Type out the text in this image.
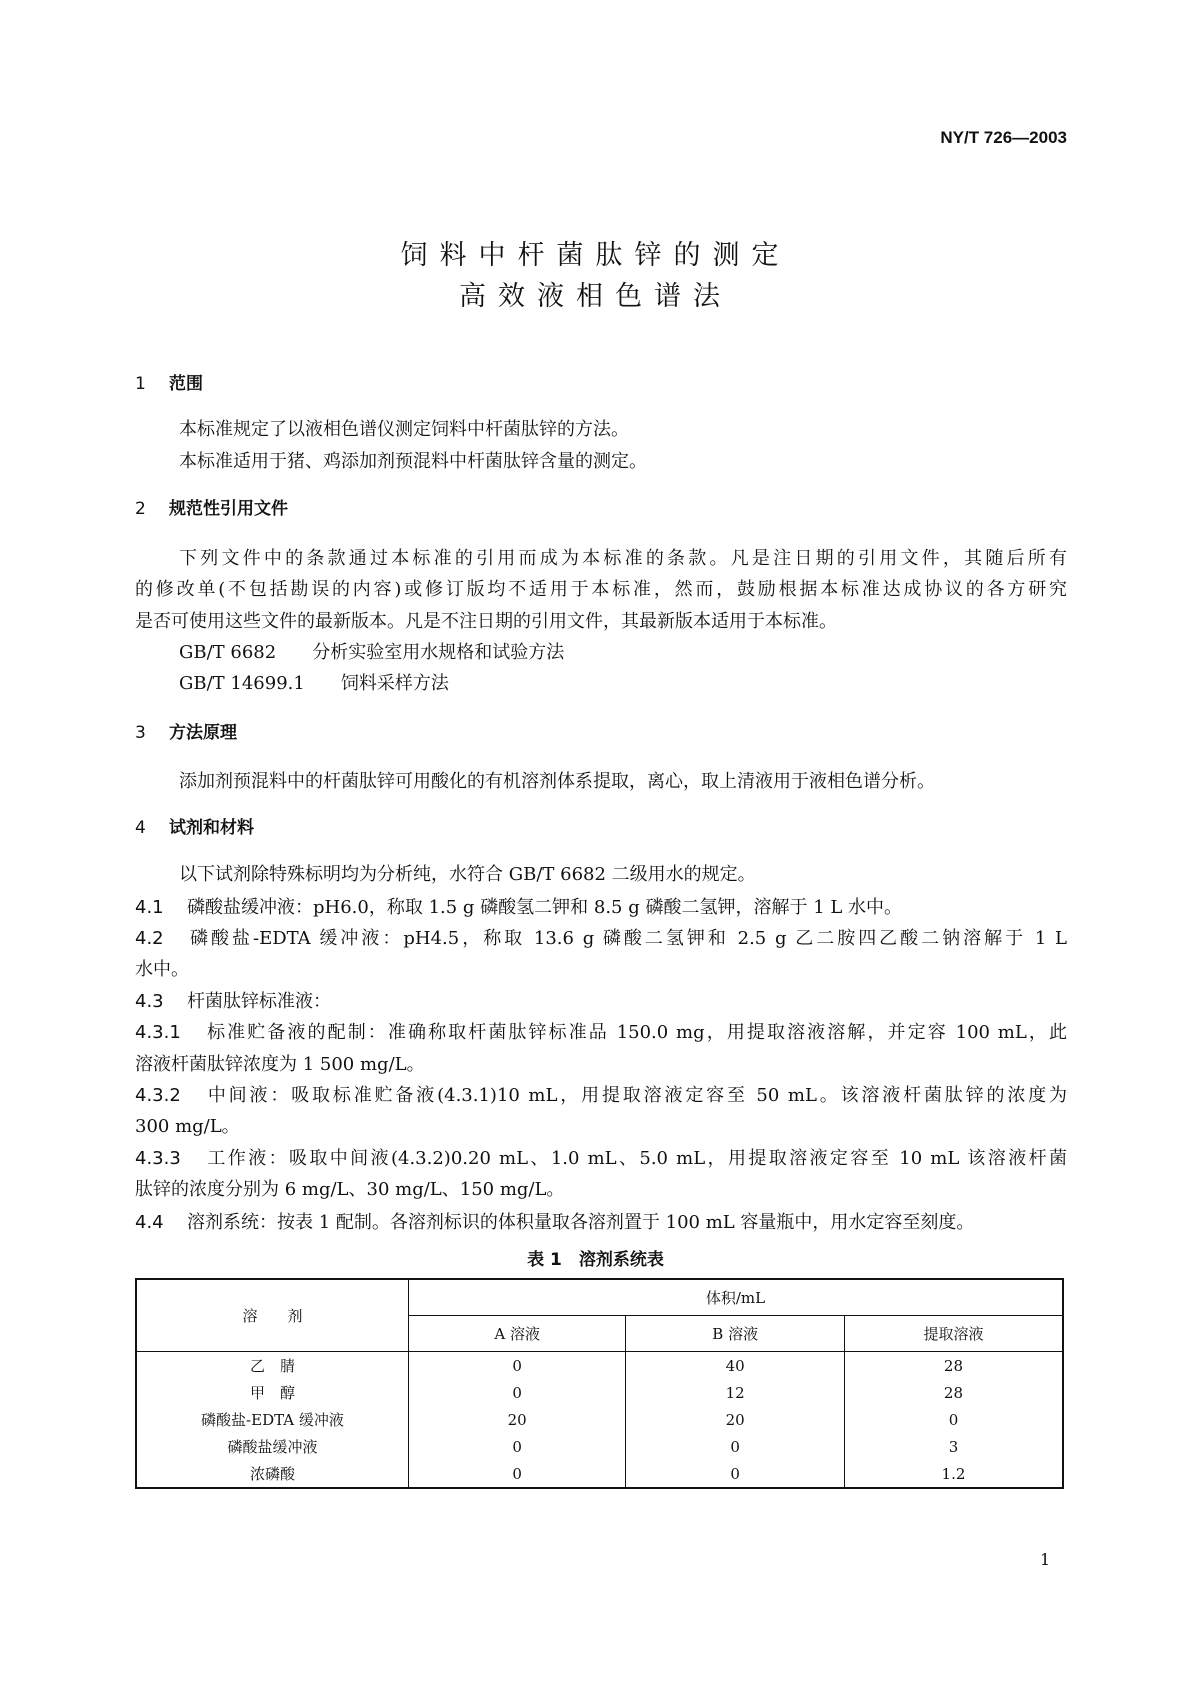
NY/T 726—2003
饲料中杆菌肽锌的测定
高效液相色谱法
1 范围
本标准规定了以液相色谱仪测定饲料中杆菌肽锌的方法。
本标准适用于猪、鸡添加剂预混料中杆菌肽锌含量的测定。
2 规范性引用文件
下列文件中的条款通过本标准的引用而成为本标准的条款。凡是注日期的引用文件，其随后所有
的修改单(不包括勘误的内容)或修订版均不适用于本标准，然而，鼓励根据本标准达成协议的各方研究
是否可使用这些文件的最新版本。凡是不注日期的引用文件，其最新版本适用于本标准。
GB/T 6682　　 分析实验室用水规格和试验方法
GB/T 14699.1　　 饲料采样方法
3 方法原理
添加剂预混料中的杆菌肽锌可用酸化的有机溶剂体系提取，离心，取上清液用于液相色谱分析。
4 试剂和材料
以下试剂除特殊标明均为分析纯，水符合 GB/T 6682 二级用水的规定。
4.1 磷酸盐缓冲液：pH6.0，称取 1.5 g 磷酸氢二钾和 8.5 g 磷酸二氢钾，溶解于 1 L 水中。
4.2 磷酸盐-EDTA 缓冲液：pH4.5，称取 13.6 g 磷酸二氢钾和 2.5 g 乙二胺四乙酸二钠溶解于 1 L
水中。
4.3 杆菌肽锌标准液：
4.3.1 标准贮备液的配制：准确称取杆菌肽锌标准品 150.0 mg，用提取溶液溶解，并定容 100 mL，此
溶液杆菌肽锌浓度为 1 500 mg/L。
4.3.2 中间液：吸取标准贮备液(4.3.1)10 mL，用提取溶液定容至 50 mL。该溶液杆菌肽锌的浓度为
300 mg/L。
4.3.3 工作液：吸取中间液(4.3.2)0.20 mL、1.0 mL、5.0 mL，用提取溶液定容至 10 mL 该溶液杆菌
肽锌的浓度分别为 6 mg/L、30 mg/L、150 mg/L。
4.4 溶剂系统：按表 1 配制。各溶剂标识的体积量取各溶剂置于 100 mL 容量瓶中，用水定容至刻度。
表 1　溶剂系统表
溶　　剂	体积/mL		
	A 溶液	B 溶液	提取溶液
乙　腈	0	40	28
甲　醇	0	12	28
磷酸盐-EDTA 缓冲液	20	20	0
磷酸盐缓冲液	0	0	3
浓磷酸	0	0	1.2
1
